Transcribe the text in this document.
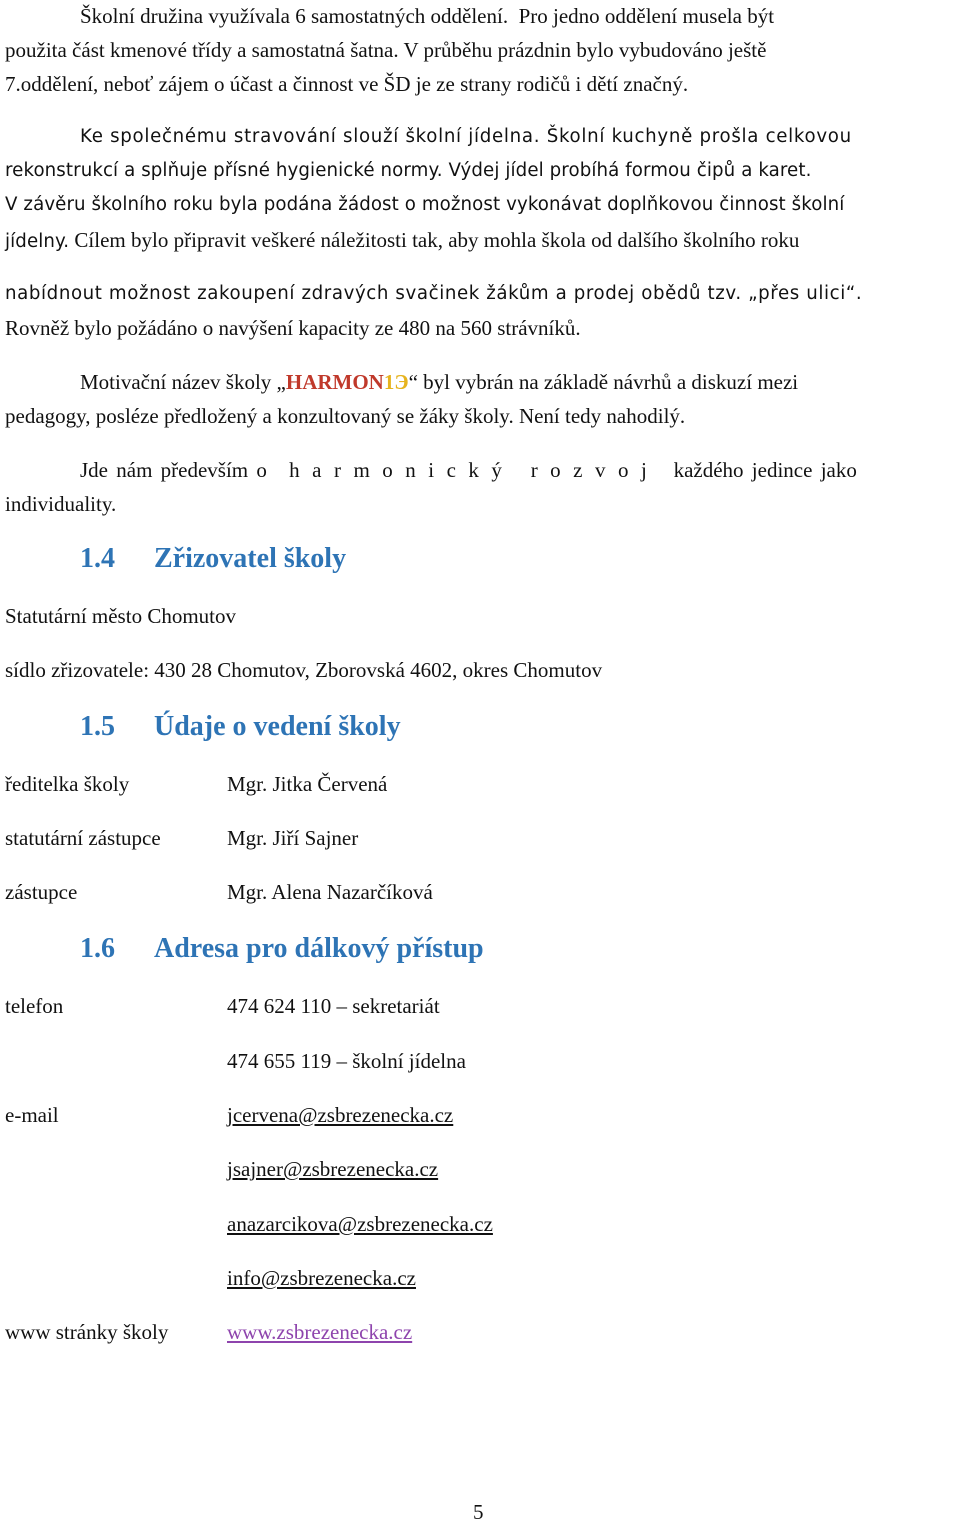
Školní družina využívala 6 samostatných oddělení. Pro jedno oddělení musela být
použita část kmenové třídy a samostatná šatna. V průběhu prázdnin bylo vybudováno ještě
7.oddělení, neboť zájem o účast a činnost ve ŠD je ze strany rodičů i dětí značný.
Ke společnému stravování slouží školní jídelna. Školní kuchyně prošla celkovou
rekonstrukcí a splňuje přísné hygienické normy. Výdej jídel probíhá formou čipů a karet.
V závěru školního roku byla podána žádost o možnost vykonávat doplňkovou činnost školní
jídelny. Cílem bylo připravit veškeré náležitosti tak, aby mohla škola od dalšího školního roku
nabídnout možnost zakoupení zdravých svačinek žákům a prodej obědů tzv. „přes ulici“.
Rovněž bylo požádáno o navýšení kapacity ze 480 na 560 strávníků.
Motivační název školy „HARMON1Э“ byl vybrán na základě návrhů a diskuzí mezi
pedagogy, posléze předložený a konzultovaný se žáky školy. Není tedy nahodilý.
Jde nám především o harmonický rozvoj každého jedince jako
individuality.
1.4 Zřizovatel školy
Statutární město Chomutov
sídlo zřizovatele: 430 28 Chomutov, Zborovská 4602, okres Chomutov
1.5 Údaje o vedení školy
ředitelka školy	Mgr. Jitka Červená
statutární zástupce	Mgr. Jiří Sajner
zástupce	Mgr. Alena Nazarčíková
1.6 Adresa pro dálkový přístup
telefon	474 624 110 – sekretariát
474 655 119 – školní jídelna
e-mail	jcervena@zsbrezenecka.cz
jsajner@zsbrezenecka.cz
anazarcikova@zsbrezenecka.cz
info@zsbrezenecka.cz
www stránky školy	www.zsbrezenecka.cz
5
